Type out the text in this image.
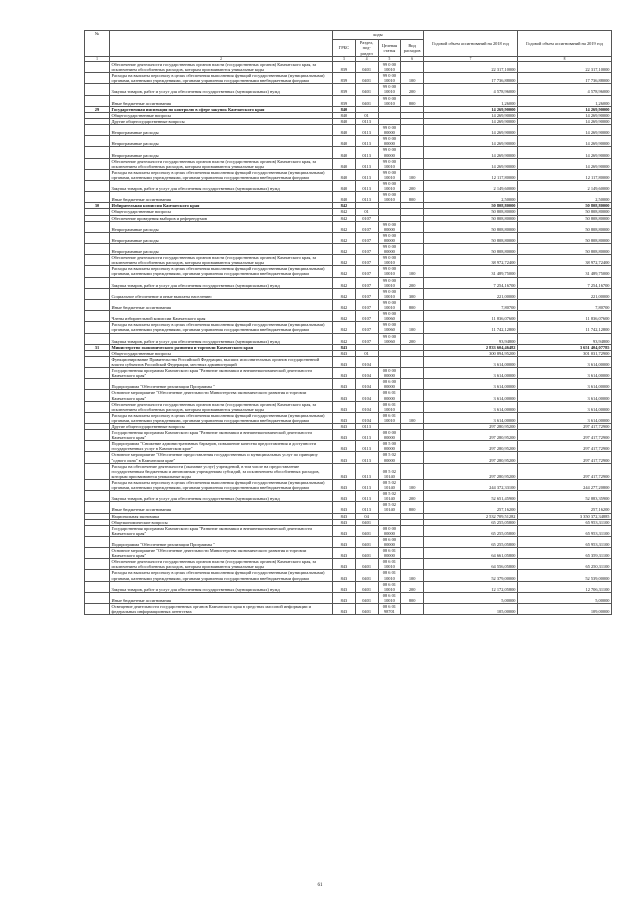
№		коды				Годовой объем ассигнований на 2018 год	Годовой объем ассигнований на 2019 год
		ГРБС	Раздел, под-раздел	Целевая статья	Вид расходов		
1	2	3	4	5	6	7	8
	Обеспечение деятельности государственных органов власти (государственных органов) Камчатского края, за исключением обособленных расходов, которым присваиваются уникальные коды	839	0401	99 0 00 10010		22 317,10000	22 317,10000
	Расходы на выплаты персоналу в целях обеспечения выполнения функций государственными (муниципальными) органами, казенными учреждениями, органами управления государственными внебюджетными фондами	839	0401	99 0 00 10010	100	17 736,88000	17 736,88000
	Закупка товаров, работ и услуг для обеспечения государственных (муниципальных) нужд	839	0401	99 0 00 10010	200	4 578,96000	4 578,96000
	Иные бюджетные ассигнования	839	0401	99 0 00 10010	800	1,26000	1,26000
29	Государственная инспекция по контролю в сфере закупок Камчатского края	840				14 269,90000	14 269,90000
	Общегосударственные вопросы	840	01			14 269,90000	14 269,90000
	Другие общегосударственные вопросы	840	0113			14 269,90000	14 269,90000
	Непрограммные расходы	840	0113	99 0 00 00000		14 269,90000	14 269,90000
	Непрограммные расходы	840	0113	99 0 00 00000		14 269,90000	14 269,90000
	Непрограммные расходы	840	0113	99 0 00 00000		14 269,90000	14 269,90000
	Обеспечение деятельности государственных органов власти (государственных органов) Камчатского края, за исключением обособленных расходов, которым присваиваются уникальные коды	840	0113	99 0 00 10010		14 269,90000	14 269,90000
	Расходы на выплаты персоналу в целях обеспечения выполнения функций государственными (муниципальными) органами, казенными учреждениями, органами управления государственными внебюджетными фондами	840	0113	99 0 00 10010	100	12 117,80000	12 117,80000
	Закупка товаров, работ и услуг для обеспечения государственных (муниципальных) нужд	840	0113	99 0 00 10010	200	2 149,60000	2 149,60000
	Иные бюджетные ассигнования	840	0113	99 0 00 10010	800	2,50000	2,50000
30	Избирательная комиссия Камчатского края	842				50 808,80000	50 808,80000
	Общегосударственные вопросы	842	01			50 808,80000	50 808,80000
	Обеспечение проведения выборов и референдумов	842	0107			50 808,80000	50 808,80000
	Непрограммные расходы	842	0107	99 0 00 00000		50 808,80000	50 808,80000
	Непрограммные расходы	842	0107	99 0 00 00000		50 808,80000	50 808,80000
	Непрограммные расходы	842	0107	99 0 00 00000		50 808,80000	50 808,80000
	Обеспечение деятельности государственных органов власти (государственных органов) Камчатского края, за исключением обособленных расходов, которым присваиваются уникальные коды	842	0107	99 0 00 10010		38 972,72400	38 972,72400
	Расходы на выплаты персоналу в целях обеспечения выполнения функций государственными (муниципальными) органами, казенными учреждениями, органами управления государственными внебюджетными фондами	842	0107	99 0 00 10010	100	31 489,75000	31 489,75000
	Закупка товаров, работ и услуг для обеспечения государственных (муниципальных) нужд	842	0107	99 0 00 10010	200	7 254,16700	7 254,16700
	Социальное обеспечение и иные выплаты населению	842	0107	99 0 00 10010	300	221,00000	221,00000
	Иные бюджетные ассигнования	842	0107	99 0 00 10010	800	7,80700	7,80700
	Члены избирательной комиссии Камчатского края	842	0107	99 0 00 10060		11 836,07600	11 836,07600
	Расходы на выплаты персоналу в целях обеспечения выполнения функций государственными (муниципальными) органами, казенными учреждениями, органами управления государственными внебюджетными фондами	842	0107	99 0 00 10060	100	11 742,12800	11 742,12800
	Закупка товаров, работ и услуг для обеспечения государственных (муниципальных) нужд	842	0107	99 0 00 10060	200	93,94800	93,94800
31	Министерство экономического развития и торговли Камчатского края	843				2 833 604,46482	3 651 404,07785
	Общегосударственные вопросы	843	01			300 894,95200	301 031,72900
	Функционирование Правительства Российской Федерации, высших исполнительных органов государственной власти субъектов Российской Федерации, местных администраций	843	0104			3 614,00000	3 614,00000
	Государственная программа Камчатского края "Развитие экономики и внешнеэкономической деятельности Камчатского края"	843	0104	08 0 00 00000		3 614,00000	3 614,00000
	Подпрограмма "Обеспечение реализации Программы "	843	0104	08 6 00 00000		3 614,00000	3 614,00000
	Основное мероприятие "Обеспечение деятельности Министерства экономического развития и торговли Камчатского края"	843	0104	08 6 01 00000		3 614,00000	3 614,00000
	Обеспечение деятельности государственных органов власти (государственных органов) Камчатского края, за исключением обособленных расходов, которым присваиваются уникальные коды	843	0104	08 6 01 10010		3 614,00000	3 614,00000
	Расходы на выплаты персоналу в целях обеспечения выполнения функций государственными (муниципальными) органами, казенными учреждениями, органами управления государственными внебюджетными фондами	843	0104	08 6 01 10010	100	3 614,00000	3 614,00000
	Другие общегосударственные вопросы	843	0113			297 280,95200	297 417,72900
	Государственная программа Камчатского края "Развитие экономики и внешнеэкономической деятельности Камчатского края"	843	0113	08 0 00 00000		297 280,95200	297 417,72900
	Подпрограмма "Снижение административных барьеров, повышение качества предоставления и доступности государственных услуг в Камчатском крае"	843	0113	08 5 00 00000		297 280,95200	297 417,72900
	Основное мероприятие "Обеспечение предоставления государственных и муниципальных услуг по принципу "одного окна" в Камчатском крае"	843	0113	08 5 02 00000		297 280,95200	297 417,72900
	Расходы на обеспечение деятельности (оказание услуг) учреждений, в том числе на предоставление государственным бюджетным и автономным учреждениям субсидий, за исключением обособленных расходов, которым присваиваются уникальные коды	843	0113	08 5 02 10140		297 280,95200	297 417,72900
	Расходы на выплаты персоналу в целях обеспечения выполнения функций государственными (муниципальными) органами, казенными учреждениями, органами управления государственными внебюджетными фондами	843	0113	08 5 02 10140	100	244 372,33100	244 277,20800
	Закупка товаров, работ и услуг для обеспечения государственных (муниципальных) нужд	843	0113	08 5 02 10140	200	52 651,45900	52 883,35900
	Иные бюджетные ассигнования	843	0113	08 5 02 10140	800	257,16200	257,16200
	Национальная экономика	843	04			2 532 709,51282	3 350 372,34885
	Общеэкономические вопросы	843	0401			65 255,05800	65 953,31100
	Государственная программа Камчатского края "Развитие экономики и внешнеэкономической деятельности Камчатского края"	843	0401	08 0 00 00000		65 255,05800	65 953,31100
	Подпрограмма "Обеспечение реализации Программы "	843	0401	08 6 00 00000		65 255,05800	65 953,31100
	Основное мероприятие "Обеспечение деятельности Министерства экономического развития и торговли Камчатского края"	843	0401	08 6 01 00000		64 661,05800	65 359,31100
	Обеспечение деятельности государственных органов власти (государственных органов) Камчатского края, за исключением обособленных расходов, которым присваиваются уникальные коды	843	0401	08 6 01 10010		64 556,05800	65 250,31100
	Расходы на выплаты персоналу в целях обеспечения выполнения функций государственными (муниципальными) органами, казенными учреждениями, органами управления государственными внебюджетными фондами	843	0401	08 6 01 10010	100	52 379,00000	52 539,00000
	Закупка товаров, работ и услуг для обеспечения государственных (муниципальных) нужд	843	0401	08 6 01 10010	200	12 172,05800	12 706,31100
	Иные бюджетные ассигнования	843	0401	08 6 01 10010	800	5,00000	5,00000
	Освещение деятельности государственных органов Камчатского края в средствах массовой информации и федеральных информационных агентствах	843	0401	08 6 01 98701		105,00000	109,00000
61
